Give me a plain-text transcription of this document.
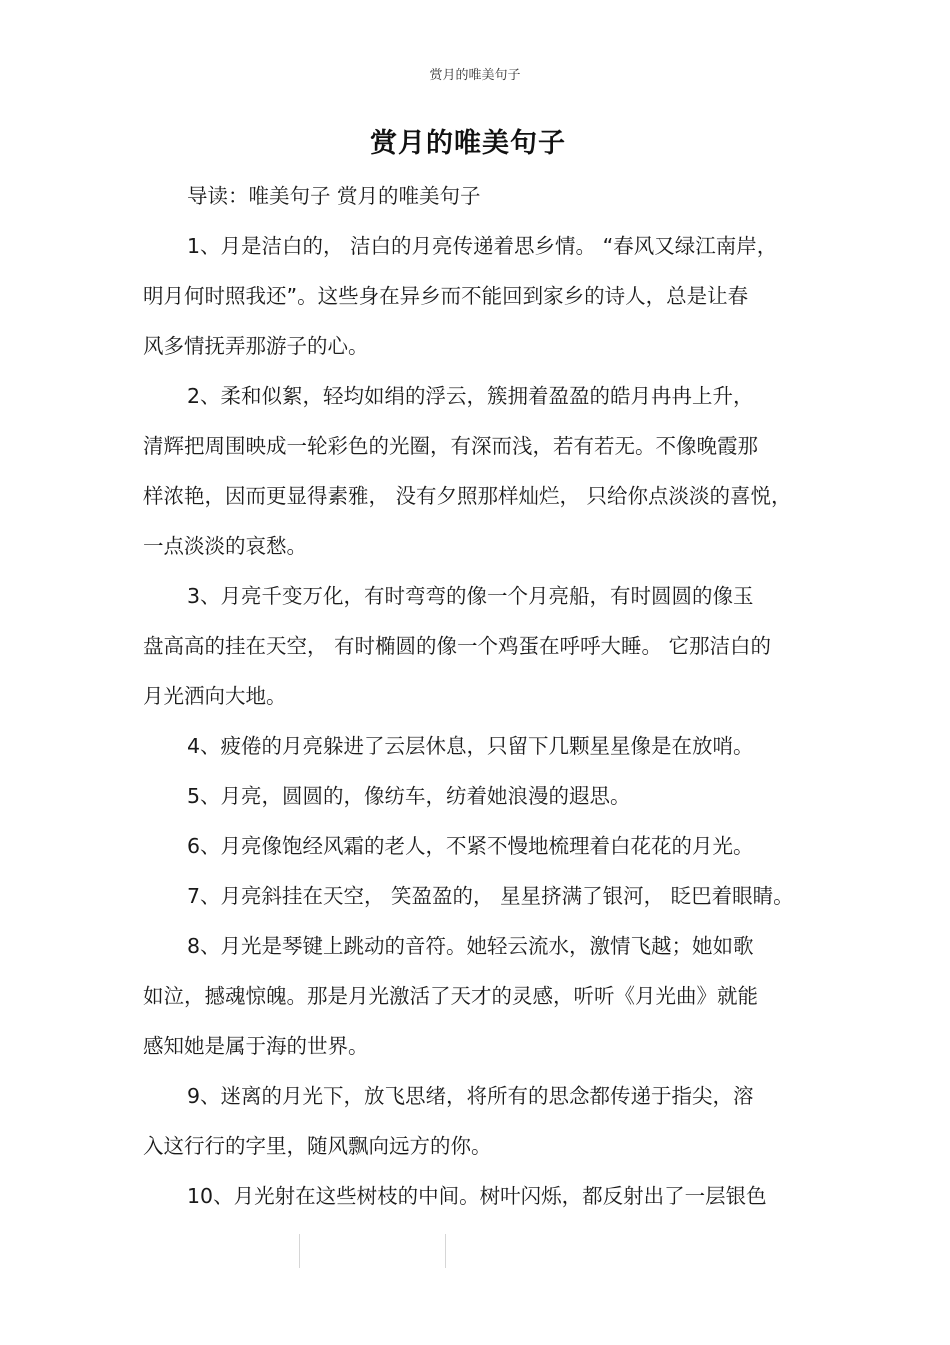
赏月的唯美句子
赏月的唯美句子
导读：唯美句子 赏月的唯美句子
1、月是洁白的， 洁白的月亮传递着思乡情。 “春风又绿江南岸，
明月何时照我还”。这些身在异乡而不能回到家乡的诗人，总是让春
风多情抚弄那游子的心。
2、柔和似絮，轻均如绢的浮云，簇拥着盈盈的皓月冉冉上升，
清辉把周围映成一轮彩色的光圈，有深而浅，若有若无。不像晚霞那
样浓艳，因而更显得素雅， 没有夕照那样灿烂， 只给你点淡淡的喜悦，
一点淡淡的哀愁。
3、月亮千变万化，有时弯弯的像一个月亮船，有时圆圆的像玉
盘高高的挂在天空， 有时椭圆的像一个鸡蛋在呼呼大睡。 它那洁白的
月光洒向大地。
4、疲倦的月亮躲进了云层休息，只留下几颗星星像是在放哨。
5、月亮，圆圆的，像纺车，纺着她浪漫的遐思。
6、月亮像饱经风霜的老人，不紧不慢地梳理着白花花的月光。
7、月亮斜挂在天空， 笑盈盈的， 星星挤满了银河， 眨巴着眼睛。
8、月光是琴键上跳动的音符。她轻云流水，激情飞越；她如歌
如泣，撼魂惊魄。那是月光激活了天才的灵感，听听《月光曲》就能
感知她是属于海的世界。
9、迷离的月光下，放飞思绪，将所有的思念都传递于指尖，溶
入这行行的字里，随风飘向远方的你。
10、月光射在这些树枝的中间。树叶闪烁，都反射出了一层银色
